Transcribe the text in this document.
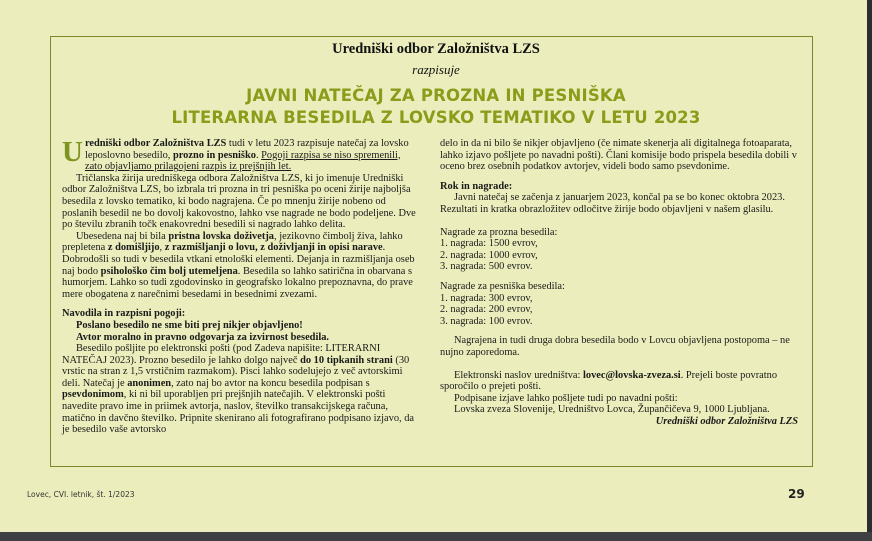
Uredniški odbor Založništva LZS
razpisuje
JAVNI NATEČAJ ZA PROZNA IN PESNIŠKA
LITERARNA BESEDILA Z LOVSKO TEMATIKO V LETU 2023

Uredniški odbor Založništva LZS tudi v letu 2023 razpisuje natečaj za lovsko leposlovno besedilo, prozno in pesniško. Pogoji razpisa se niso spremenili, zato objavljamo prilagojeni razpis iz prejšnjih let.

Tričlanska žirija uredniškega odbora Založništva LZS, ki jo imenuje Uredniški odbor Založništva LZS, bo izbrala tri prozna in tri pesniška po oceni žirije najboljša besedila z lovsko tematiko, ki bodo nagrajena. Če po mnenju žirije nobeno od poslanih besedil ne bo dovolj kakovostno, lahko vse nagrade ne bodo podeljene. Dve po številu zbranih točk enakovredni besedili si nagrado lahko delita.

Ubesedena naj bi bila pristna lovska doživetja, jezikovno čimbolj živa, lahko prepletena z domišljijo, z razmišljanji o lovu, z doživljanji in opisi narave. Dobrodošli so tudi v besedila vtkani etnološki elementi. Dejanja in razmišljanja oseb naj bodo psihološko čim bolj utemeljena. Besedila so lahko satirična in obarvana s humorjem. Lahko so tudi zgodovinsko in geografsko lokalno prepoznavna, do prave mere obogatena z narečnimi besedami in besednimi zvezami.

Navodila in razpisni pogoji:

Poslano besedilo ne sme biti prej nikjer objavljeno!

Avtor moralno in pravno odgovarja za izvirnost besedila.

Besedilo pošljite po elektronski pošti (pod Zadeva napišite: LITERARNI NATEČAJ 2023). Prozno besedilo je lahko dolgo največ do 10 tipkanih strani (30 vrstic na stran z 1,5 vrstičnim razmakom). Pisci lahko sodelujejo z več avtorskimi deli. Natečaj je anonimen, zato naj bo avtor na koncu besedila podpisan s psevdonimom, ki ni bil uporabljen pri prejšnjih natečajih. V elektronski pošti navedite pravo ime in priimek avtorja, naslov, številko transakcijskega računa, matično in davčno številko. Pripnite skenirano ali fotografirano podpisano izjavo, da je besedilo vaše avtorsko

delo in da ni bilo še nikjer objavljeno (če nimate skenerja ali digitalnega fotoaparata, lahko izjavo pošljete po navadni pošti). Člani komisije bodo prispela besedila dobili v oceno brez osebnih podatkov avtorjev, videli bodo samo psevdonime.

Rok in nagrade:

Javni natečaj se začenja z januarjem 2023, končal pa se bo konec oktobra 2023. Rezultati in kratka obrazložitev odločitve žirije bodo objavljeni v našem glasilu.

Nagrade za prozna besedila:

1. nagrada: 1500 evrov,

2. nagrada: 1000 evrov,

3. nagrada: 500 evrov.

Nagrade za pesniška besedila:

1. nagrada: 300 evrov,

2. nagrada: 200 evrov,

3. nagrada: 100 evrov.

Nagrajena in tudi druga dobra besedila bodo v Lovcu objavljena postopoma – ne nujno zaporedoma.

Elektronski naslov uredništva: lovec@lovska-zveza.si. Prejeli boste povratno sporočilo o prejeti pošti.

Podpisane izjave lahko pošljete tudi po navadni pošti:

Lovska zveza Slovenije, Uredništvo Lovca, Župančičeva 9, 1000 Ljubljana.

Uredniški odbor Založništva LZS

Lovec, CVI. letnik, št. 1/2023	29
